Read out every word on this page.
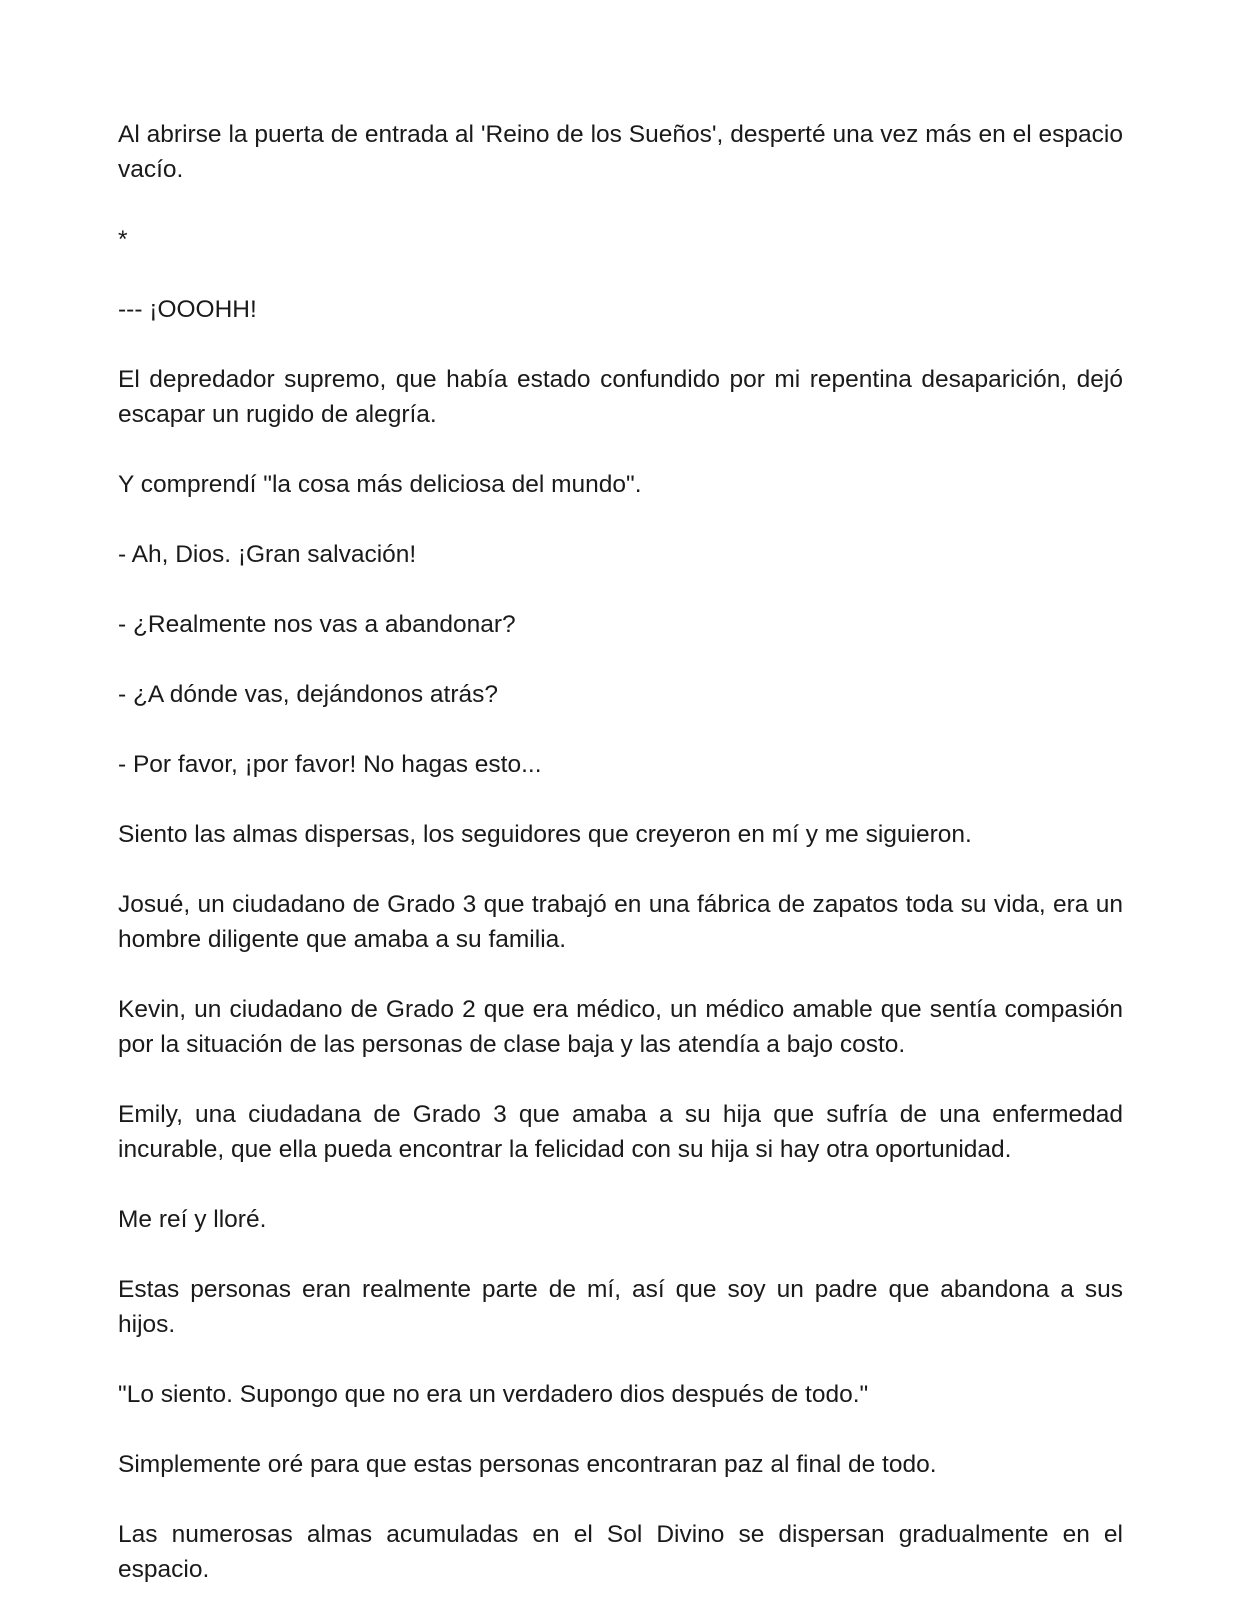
Al abrirse la puerta de entrada al 'Reino de los Sueños', desperté una vez más en el espacio vacío.

*

--- ¡OOOHH!

El depredador supremo, que había estado confundido por mi repentina desaparición, dejó escapar un rugido de alegría.

Y comprendí "la cosa más deliciosa del mundo".

- Ah, Dios. ¡Gran salvación!

- ¿Realmente nos vas a abandonar?

- ¿A dónde vas, dejándonos atrás?

- Por favor, ¡por favor! No hagas esto...

Siento las almas dispersas, los seguidores que creyeron en mí y me siguieron.

Josué, un ciudadano de Grado 3 que trabajó en una fábrica de zapatos toda su vida, era un hombre diligente que amaba a su familia.

Kevin, un ciudadano de Grado 2 que era médico, un médico amable que sentía compasión por la situación de las personas de clase baja y las atendía a bajo costo.

Emily, una ciudadana de Grado 3 que amaba a su hija que sufría de una enfermedad incurable, que ella pueda encontrar la felicidad con su hija si hay otra oportunidad.

Me reí y lloré.

Estas personas eran realmente parte de mí, así que soy un padre que abandona a sus hijos.

"Lo siento. Supongo que no era un verdadero dios después de todo."

Simplemente oré para que estas personas encontraran paz al final de todo.

Las numerosas almas acumuladas en el Sol Divino se dispersan gradualmente en el espacio.
